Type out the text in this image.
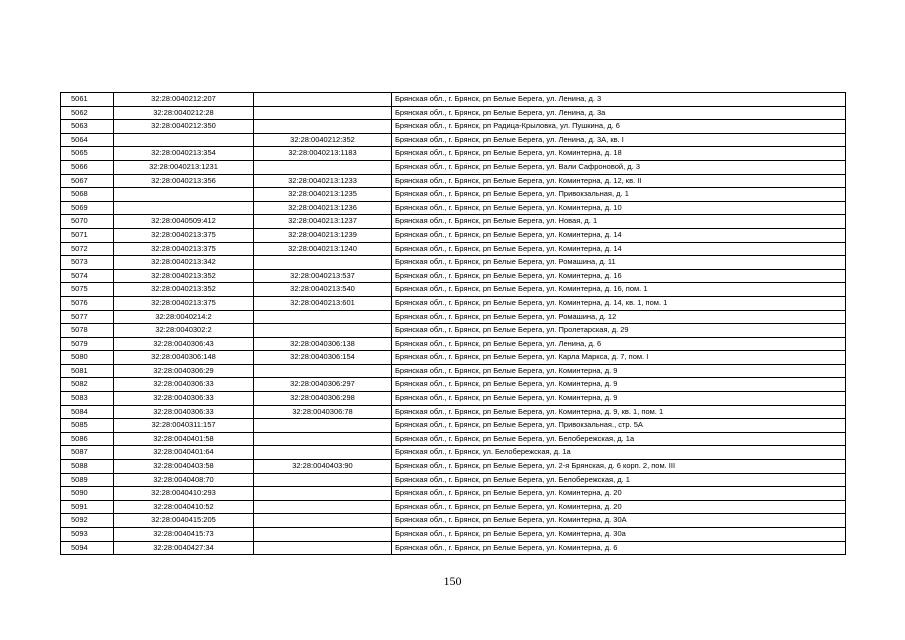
5061	32:28:0040212:207		Брянская обл., г. Брянск, рп Белые Берега, ул. Ленина, д. 3
5062	32:28:0040212:28		Брянская обл., г. Брянск, рп Белые Берега, ул. Ленина, д. 3а
5063	32:28:0040212:350		Брянская обл., г. Брянск, рп Радица-Крыловка, ул. Пушкина, д. 6
5064		32:28:0040212:352	Брянская обл., г. Брянск, рп Белые Берега, ул. Ленина, д. 3А, кв. I
5065	32:28:0040213:354	32:28:0040213:1183	Брянская обл., г. Брянск, рп Белые Берега, ул. Коминтерна, д. 18
5066	32:28:0040213:1231		Брянская обл., г. Брянск, рп Белые Берега, ул. Вали Сафроновой, д. 3
5067	32:28:0040213:356	32:28:0040213:1233	Брянская обл., г. Брянск, рп Белые Берега, ул. Коминтерна, д. 12, кв. II
5068		32:28:0040213:1235	Брянская обл., г. Брянск, рп Белые Берега, ул. Привокзальная, д. 1
5069		32:28:0040213:1236	Брянская обл., г. Брянск, рп Белые Берега, ул. Коминтерна, д. 10
5070	32:28:0040509:412	32:28:0040213:1237	Брянская обл., г. Брянск, рп Белые Берега, ул. Новая, д. 1
5071	32:28:0040213:375	32:28:0040213:1239	Брянская обл., г. Брянск, рп Белые Берега, ул. Коминтерна, д. 14
5072	32:28:0040213:375	32:28:0040213:1240	Брянская обл., г. Брянск, рп Белые Берега, ул. Коминтерна, д. 14
5073	32:28:0040213:342		Брянская обл., г. Брянск, рп Белые Берега, ул. Ромашина, д. 11
5074	32:28:0040213:352	32:28:0040213:537	Брянская обл., г. Брянск, рп Белые Берега, ул. Коминтерна, д. 16
5075	32:28:0040213:352	32:28:0040213:540	Брянская обл., г. Брянск, рп Белые Берега, ул. Коминтерна, д. 16, пом. 1
5076	32:28:0040213:375	32:28:0040213:601	Брянская обл., г. Брянск, рп Белые Берега, ул. Коминтерна, д. 14, кв. 1, пом. 1
5077	32:28:0040214:2		Брянская обл., г. Брянск, рп Белые Берега, ул. Ромашина, д. 12
5078	32:28:0040302:2		Брянская обл., г. Брянск, рп Белые Берега, ул. Пролетарская, д. 29
5079	32:28:0040306:43	32:28:0040306:138	Брянская обл., г. Брянск, рп Белые Берега, ул. Ленина, д. 6
5080	32:28:0040306:148	32:28:0040306:154	Брянская обл., г. Брянск, рп Белые Берега, ул. Карла Маркса, д. 7, пом. I
5081	32:28:0040306:29		Брянская обл., г. Брянск, рп Белые Берега, ул. Коминтерна, д. 9
5082	32:28:0040306:33	32:28:0040306:297	Брянская обл., г. Брянск, рп Белые Берега, ул. Коминтерна, д. 9
5083	32:28:0040306:33	32:28:0040306:298	Брянская обл., г. Брянск, рп Белые Берега, ул. Коминтерна, д. 9
5084	32:28:0040306:33	32:28:0040306:78	Брянская обл., г. Брянск, рп Белые Берега, ул. Коминтерна, д. 9, кв. 1, пом. 1
5085	32:28:0040311:157		Брянская обл., г. Брянск, рп Белые Берега, ул. Привокзальная., стр. 5А
5086	32:28:0040401:58		Брянская обл., г. Брянск, рп Белые Берега, ул. Белобережская, д. 1а
5087	32:28:0040401:64		Брянская обл., г. Брянск, ул. Белобережская, д. 1а
5088	32:28:0040403:58	32:28:0040403:90	Брянская обл., г. Брянск, рп Белые Берега, ул. 2-я Брянская, д. 6 корп. 2, пом. III
5089	32:28:0040408:70		Брянская обл., г. Брянск, рп Белые Берега, ул. Белобережская, д. 1
5090	32:28:0040410:293		Брянская обл., г. Брянск, рп Белые Берега, ул. Коминтерна, д. 20
5091	32:28:0040410:52		Брянская обл., г. Брянск, рп Белые Берега, ул. Коминтерна, д. 20
5092	32:28:0040415:205		Брянская обл., г. Брянск, рп Белые Берега, ул. Коминтерна, д. 30А
5093	32:28:0040415:73		Брянская обл., г. Брянск, рп Белые Берега, ул. Коминтерна, д. 30а
5094	32:28:0040427:34		Брянская обл., г. Брянск, рп Белые Берега, ул. Коминтерна, д. 6
150
